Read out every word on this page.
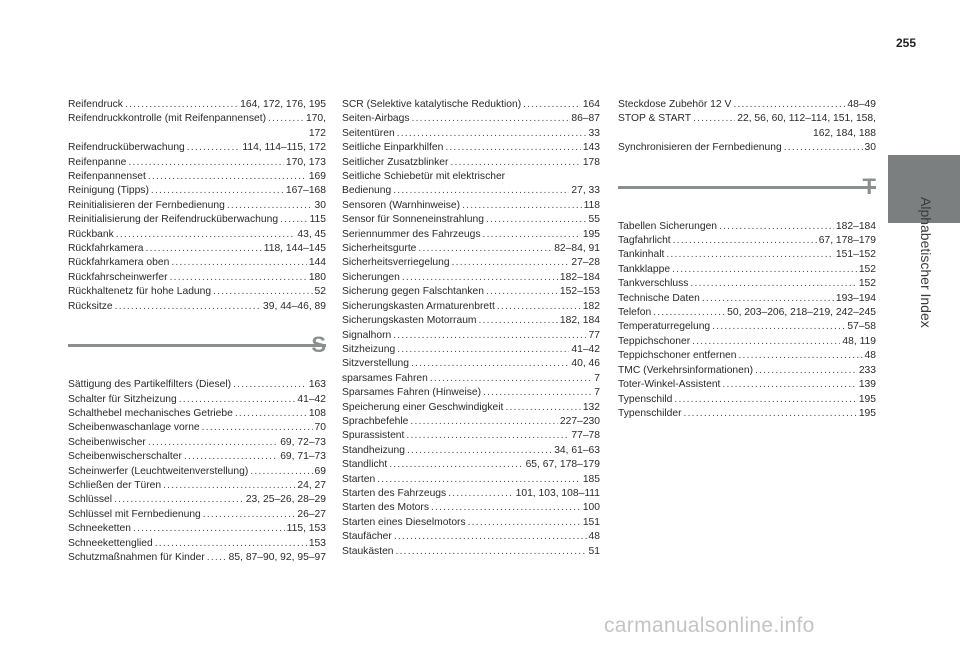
255
Reifendruck .....	164, 172, 176, 195
Reifendruckkontrolle (mit Reifenpannenset) .....	170,
172
Reifendrucküberwachung .....	114, 114–115, 172
Reifenpanne .....	170, 173
Reifenpannenset .....	169
Reinigung (Tipps) .....	167–168
Reinitialisieren der Fernbedienung .....	30
Reinitialisierung der Reifendrucküberwachung .....	115
Rückbank .....	43, 45
Rückfahrkamera .....	118, 144–145
Rückfahrkamera oben .....	144
Rückfahrscheinwerfer .....	180
Rückhaltenetz für hohe Ladung .....	52
Rücksitze .....	39, 44–46, 89
S
Sättigung des Partikelfilters (Diesel) .....	163
Schalter für Sitzheizung .....	41–42
Schalthebel mechanisches Getriebe .....	108
Scheibenwaschanlage vorne .....	70
Scheibenwischer .....	69, 72–73
Scheibenwischerschalter .....	69, 71–73
Scheinwerfer (Leuchtweitenverstellung) .....	69
Schließen der Türen .....	24, 27
Schlüssel .....	23, 25–26, 28–29
Schlüssel mit Fernbedienung .....	26–27
Schneeketten .....	115, 153
Schneekettenglied .....	153
Schutzmaßnahmen für Kinder ..... 85, 87–90, 92, 95–97
SCR (Selektive katalytische Reduktion) .....	164
Seiten-Airbags .....	86–87
Seitentüren .....	33
Seitliche Einparkhilfen .....	143
Seitlicher Zusatzblinker .....	178
Seitliche Schiebetür mit elektrischer
Bedienung .....	27, 33
Sensoren (Warnhinweise) .....	118
Sensor für Sonneneinstrahlung .....	55
Seriennummer des Fahrzeugs .....	195
Sicherheitsgurte .....	82–84, 91
Sicherheitsverriegelung .....	27–28
Sicherungen .....	182–184
Sicherung gegen Falschtanken .....	152–153
Sicherungskasten Armaturenbrett .....	182
Sicherungskasten Motorraum .....	182, 184
Signalhorn .....	77
Sitzheizung .....	41–42
Sitzverstellung .....	40, 46
sparsames Fahren .....	7
Sparsames Fahren (Hinweise) .....	7
Speicherung einer Geschwindigkeit .....	132
Sprachbefehle .....	227–230
Spurassistent .....	77–78
Standheizung .....	34, 61–63
Standlicht .....	65, 67, 178–179
Starten .....	185
Starten des Fahrzeugs .....	101, 103, 108–111
Starten des Motors .....	100
Starten eines Dieselmotors .....	151
Staufächer .....	48
Staukästen .....	51
Steckdose Zubehör 12 V .....	48–49
STOP & START .....	22, 56, 60, 112–114, 151, 158,
162, 184, 188
Synchronisieren der Fernbedienung .....	30
T
Tabellen Sicherungen .....	182–184
Tagfahrlicht .....	67, 178–179
Tankinhalt .....	151–152
Tankklappe .....	152
Tankverschluss .....	152
Technische Daten .....	193–194
Telefon .....	50, 203–206, 218–219, 242–245
Temperaturregelung .....	57–58
Teppichschoner .....	48, 119
Teppichschoner entfernen .....	48
TMC (Verkehrsinformationen) .....	233
Toter-Winkel-Assistent .....	139
Typenschild .....	195
Typenschilder .....	195
Alphabetischer Index
carmanualsonline.info
